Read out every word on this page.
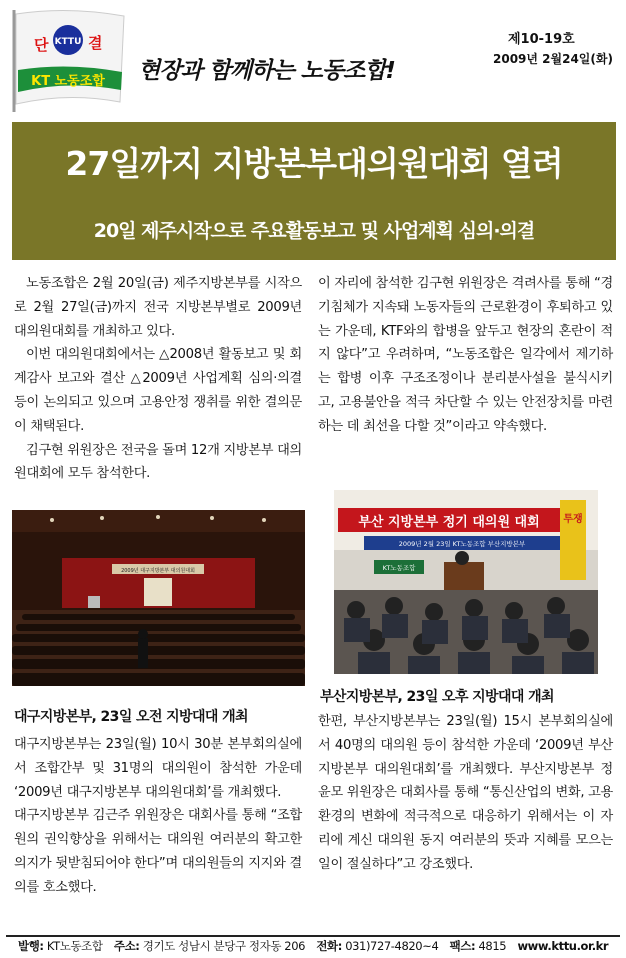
KTTU
단	결
KT 노동조합 현장과 함께하는 노동조합!
제10-19호
2009년 2월24일(화)
27일까지 지방본부대의원대회 열려
20일 제주시작으로 주요활동보고 및 사업계획 심의·의결

노동조합은 2월 20일(금) 제주지방본부를 시작으로 2월 27일(금)까지 전국 지방본부별로 2009년 대의원대회를 개최하고 있다.

이번 대의원대회에서는 △2008년 활동보고 및 회계감사 보고와 결산 △2009년 사업계획 심의·의결 등이 논의되고 있으며 고용안정 쟁취를 위한 결의문이 채택된다.

김구현 위원장은 전국을 돌며 12개 지방본부 대의원대회에 모두 참석한다.

이 자리에 참석한 김구현 위원장은 격려사를 통해 “경기침체가 지속돼 노동자들의 근로환경이 후퇴하고 있는 가운데, KTF와의 합병을 앞두고 현장의 혼란이 적지 않다”고 우려하며, “노동조합은 일각에서 제기하는 합병 이후 구조조정이나 분리분사설을 불식시키고, 고용불안을 적극 차단할 수 있는 안전장치를 마련하는 데 최선을 다할 것”이라고 약속했다.

2009년 대구지방본부 대의원대회
부산 지방본부 정기 대의원 대회 투쟁
2009년 2월 23일 KT노동조합 부산지방본부
KT노동조합
부산지방본부, 23일 오후 지방대대 개최

한편, 부산지방본부는 23일(월) 15시 본부회의실에서 40명의 대의원 등이 참석한 가운데 ‘2009년 부산지방본부 대의원대회’를 개최했다. 부산지방본부 정윤모 위원장은 대회사를 통해 “통신산업의 변화, 고용환경의 변화에 적극적으로 대응하기 위해서는 이 자리에 계신 대의원 동지 여러분의 뜻과 지혜를 모으는 일이 절실하다”고 강조했다.

대구지방본부, 23일 오전 지방대대 개최

대구지방본부는 23일(월) 10시 30분 본부회의실에서 조합간부 및 31명의 대의원이 참석한 가운데 ‘2009년 대구지방본부 대의원대회’를 개최했다.

대구지방본부 김근주 위원장은 대회사를 통해 “조합원의 권익향상을 위해서는 대의원 여러분의 확고한 의지가 뒷받침되어야 한다”며 대의원들의 지지와 결의를 호소했다.

발행: KT노동조합 주소: 경기도 성남시 분당구 정자동 206 전화: 031)727-4820~4 팩스: 4815 www.kttu.or.kr
